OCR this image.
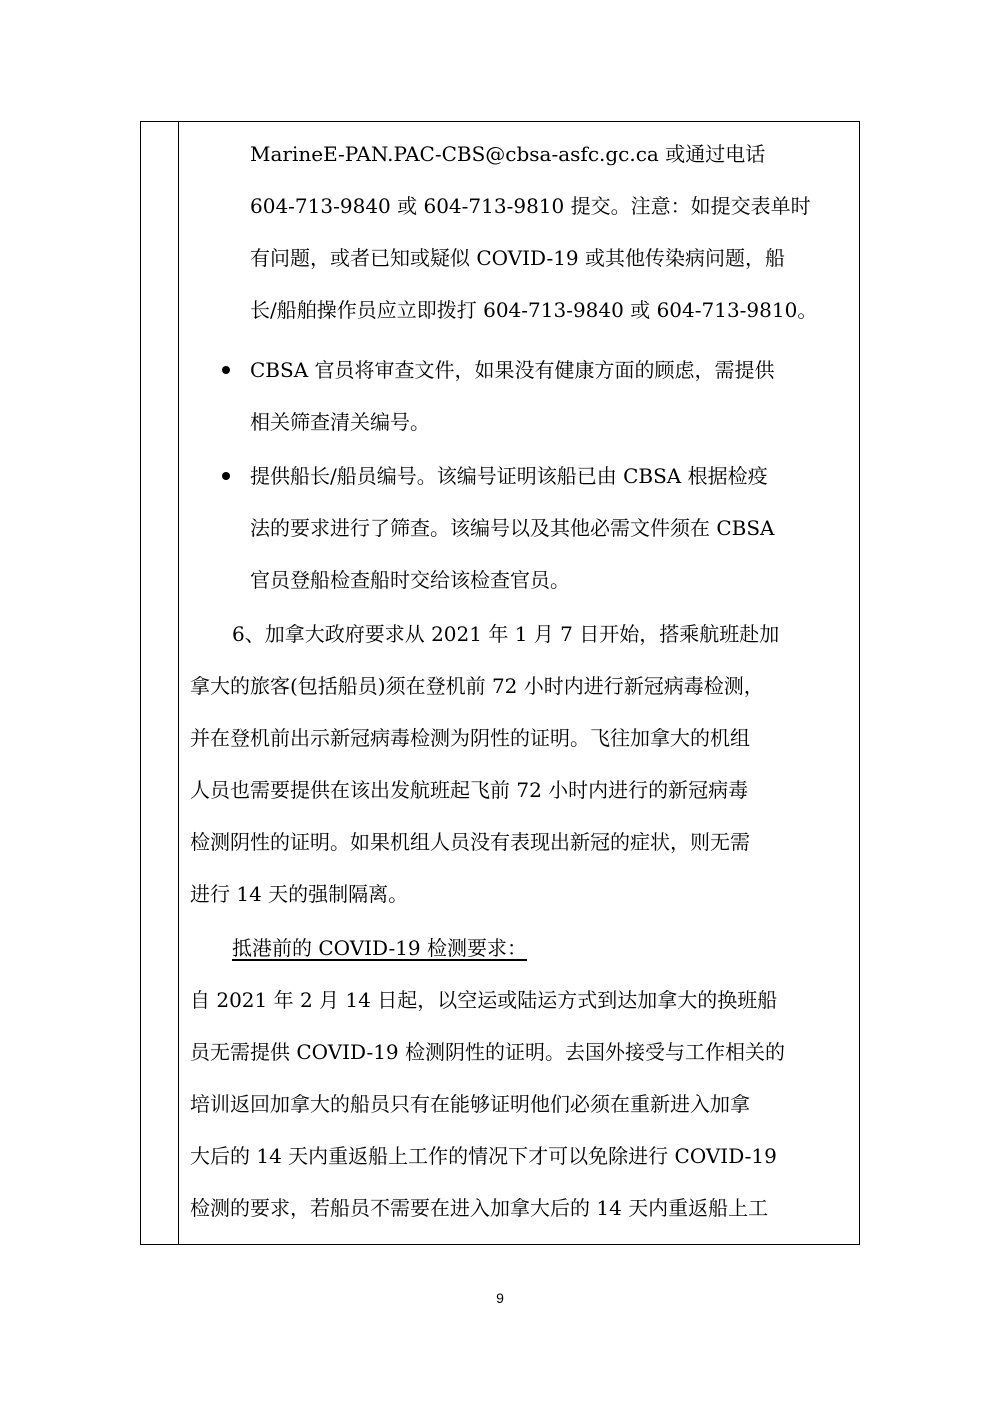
MarineE-PAN.PAC-CBS@cbsa-asfc.gc.ca 或通过电话
604-713-9840 或 604-713-9810 提交。注意：如提交表单时
有问题，或者已知或疑似 COVID-19 或其他传染病问题，船
长/船舶操作员应立即拨打 604-713-9840 或 604-713-9810。
CBSA 官员将审查文件，如果没有健康方面的顾虑，需提供
相关筛查清关编号。
提供船长/船员编号。该编号证明该船已由 CBSA 根据检疫
法的要求进行了筛查。该编号以及其他必需文件须在 CBSA
官员登船检查船时交给该检查官员。
6、加拿大政府要求从 2021 年 1 月 7 日开始，搭乘航班赴加
拿大的旅客(包括船员)须在登机前 72 小时内进行新冠病毒检测，
并在登机前出示新冠病毒检测为阴性的证明。飞往加拿大的机组
人员也需要提供在该出发航班起飞前 72 小时内进行的新冠病毒
检测阴性的证明。如果机组人员没有表现出新冠的症状，则无需
进行 14 天的强制隔离。
抵港前的 COVID-19 检测要求：
自 2021 年 2 月 14 日起，以空运或陆运方式到达加拿大的换班船
员无需提供 COVID-19 检测阴性的证明。去国外接受与工作相关的
培训返回加拿大的船员只有在能够证明他们必须在重新进入加拿
大后的 14 天内重返船上工作的情况下才可以免除进行 COVID-19
检测的要求，若船员不需要在进入加拿大后的 14 天内重返船上工
9
